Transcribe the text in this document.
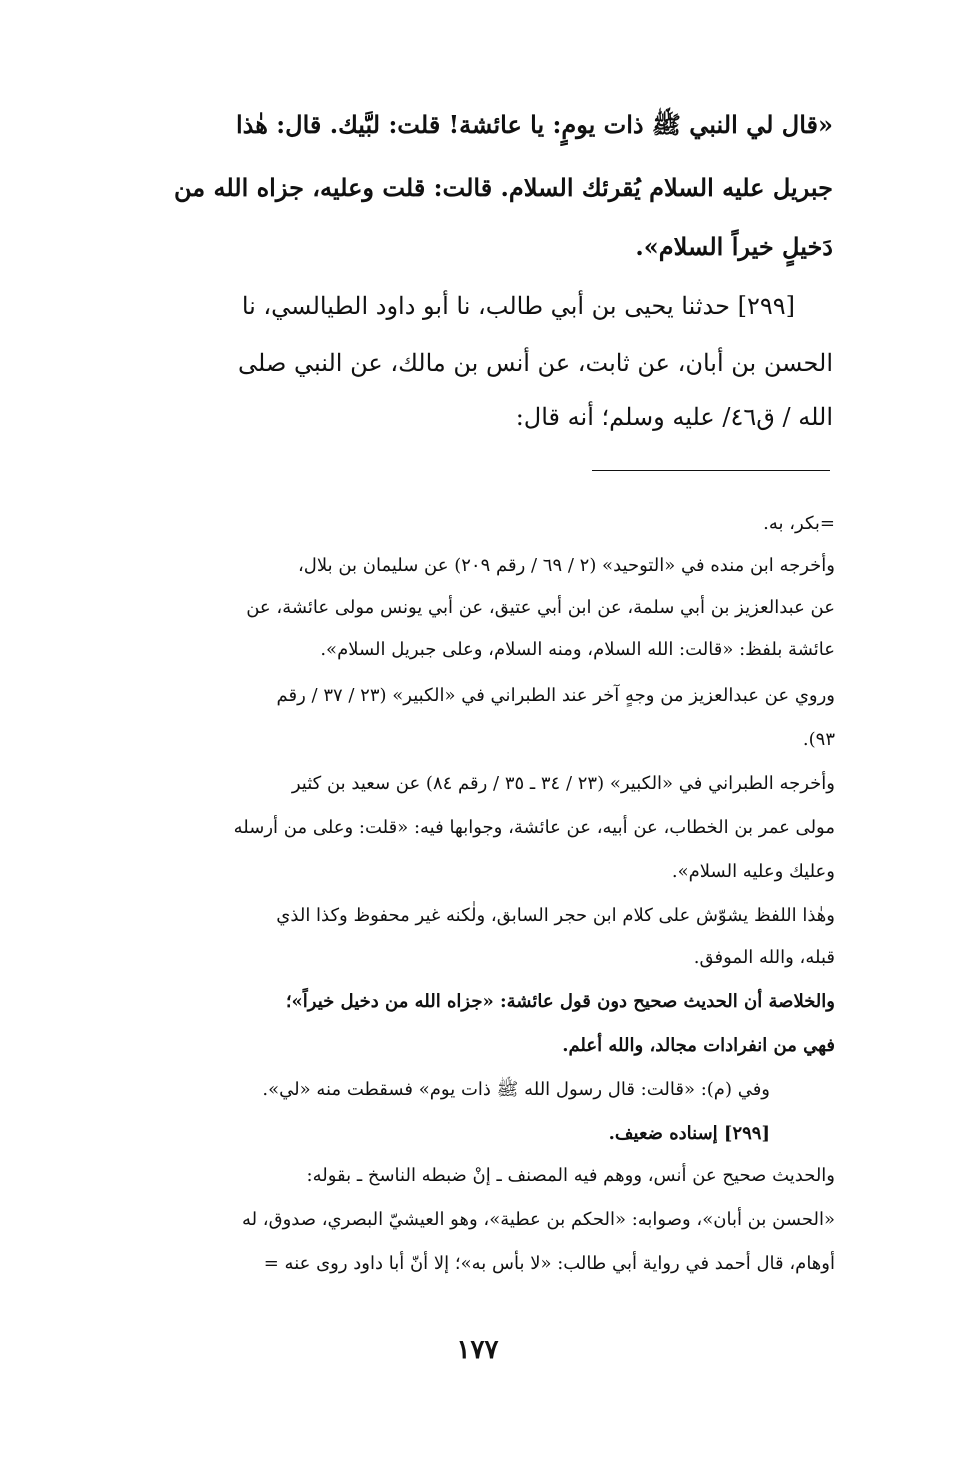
«قال لي النبي ﷺ ذات يومٍ: يا عائشة! قلت: لبَّيك. قال: هٰذا
جبريل عليه السلام يُقرئك السلام. قالت: قلت وعليه، جزاه الله من
دَخيلٍ خيراً السلام».
[٢٩٩] حدثنا يحيى بن أبي طالب، نا أبو داود الطيالسي، نا
الحسن بن أبان، عن ثابت، عن أنس بن مالك، عن النبي صلى
الله / ق٤٦/ عليه وسلم؛ أنه قال:
=بكر، به.
وأخرجه ابن منده في «التوحيد» (٢ / ٦٩ / رقم ٢٠٩) عن سليمان بن بلال،
عن عبدالعزيز بن أبي سلمة، عن ابن أبي عتيق، عن أبي يونس مولى عائشة، عن
عائشة بلفظ: «قالت: الله السلام، ومنه السلام، وعلى جبريل السلام».
وروي عن عبدالعزيز من وجهٍ آخر عند الطبراني في «الكبير» (٢٣ / ٣٧ / رقم
٩٣).
وأخرجه الطبراني في «الكبير» (٢٣ / ٣٤ ـ ٣٥ / رقم ٨٤) عن سعيد بن كثير
مولى عمر بن الخطاب، عن أبيه، عن عائشة، وجوابها فيه: «قلت: وعلى من أرسله
وعليك وعليه السلام».
وهٰذا اللفظ يشوّش على كلام ابن حجر السابق، ولٰكنه غير محفوظ وكذا الذي
قبله، والله الموفق.
والخلاصة أن الحديث صحيح دون قول عائشة: «جزاه الله من دخيل خيراً»؛
فهي من انفرادات مجالد، والله أعلم.
وفي (م): «قالت: قال رسول الله ﷺ ذات يوم» فسقطت منه «لي».
[٢٩٩] إسناده ضعيف.
والحديث صحيح عن أنس، ووهم فيه المصنف ـ إنْ ضبطه الناسخ ـ بقوله:
«الحسن بن أبان»، وصوابه: «الحكم بن عطية»، وهو العيشيّ البصري، صدوق، له
أوهام، قال أحمد في رواية أبي طالب: «لا بأس به»؛ إلا أنّ أبا داود روى عنه =
١٧٧
